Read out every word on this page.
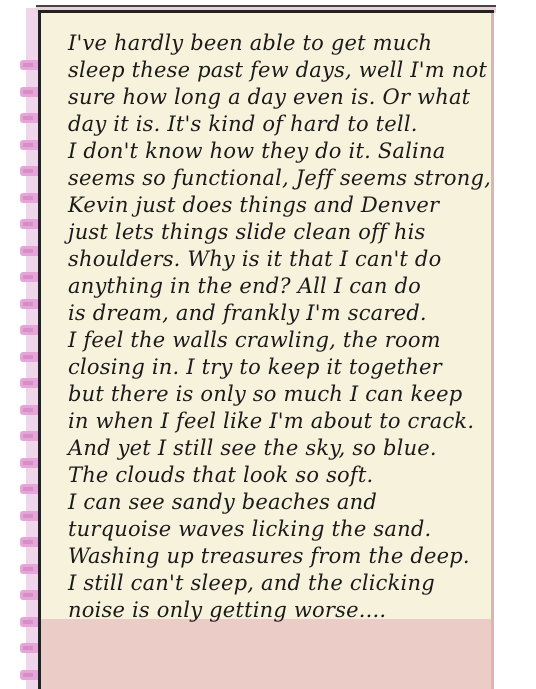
I've hardly been able to get much
sleep these past few days, well I'm not
sure how long a day even is. Or what
day it is. It's kind of hard to tell.
I don't know how they do it. Salina
seems so functional, Jeff seems strong,
Kevin just does things and Denver
just lets things slide clean off his
shoulders. Why is it that I can't do
anything in the end? All I can do
is dream, and frankly I'm scared.
I feel the walls crawling, the room
closing in. I try to keep it together
but there is only so much I can keep
in when I feel like I'm about to crack.
And yet I still see the sky, so blue.
The clouds that look so soft.
I can see sandy beaches and
turquoise waves licking the sand.
Washing up treasures from the deep.
I still can't sleep, and the clicking
noise is only getting worse....
